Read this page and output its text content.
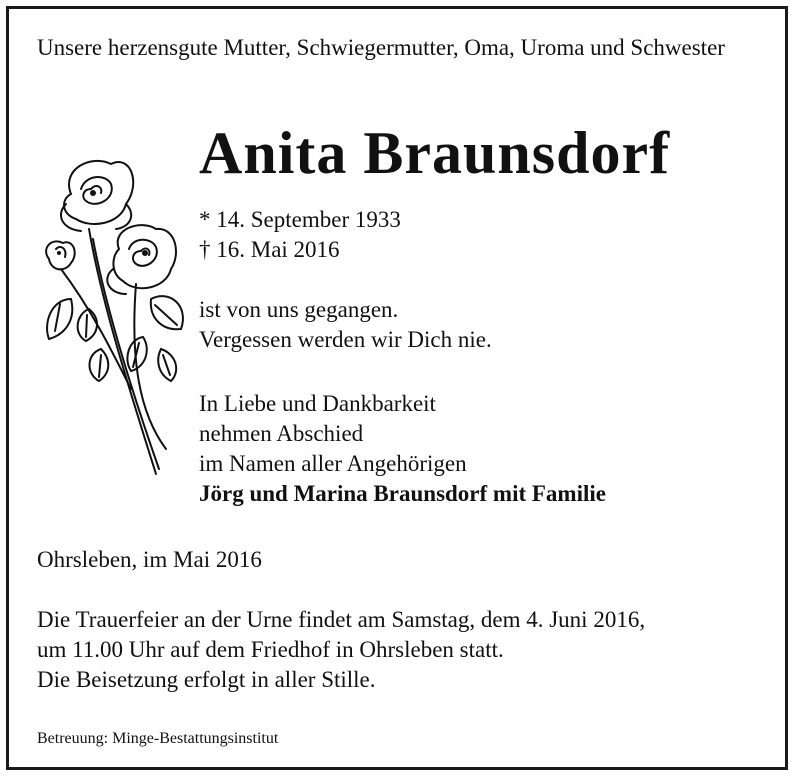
Unsere herzensgute Mutter, Schwiegermutter, Oma, Uroma und Schwester
Anita Braunsdorf
* 14. September 1933
† 16. Mai 2016
ist von uns gegangen.
Vergessen werden wir Dich nie.
In Liebe und Dankbarkeit
nehmen Abschied
im Namen aller Angehörigen
Jörg und Marina Braunsdorf mit Familie
Ohrsleben, im Mai 2016
Die Trauerfeier an der Urne findet am Samstag, dem 4. Juni 2016,
um 11.00 Uhr auf dem Friedhof in Ohrsleben statt.
Die Beisetzung erfolgt in aller Stille.
Betreuung: Minge-Bestattungsinstitut
